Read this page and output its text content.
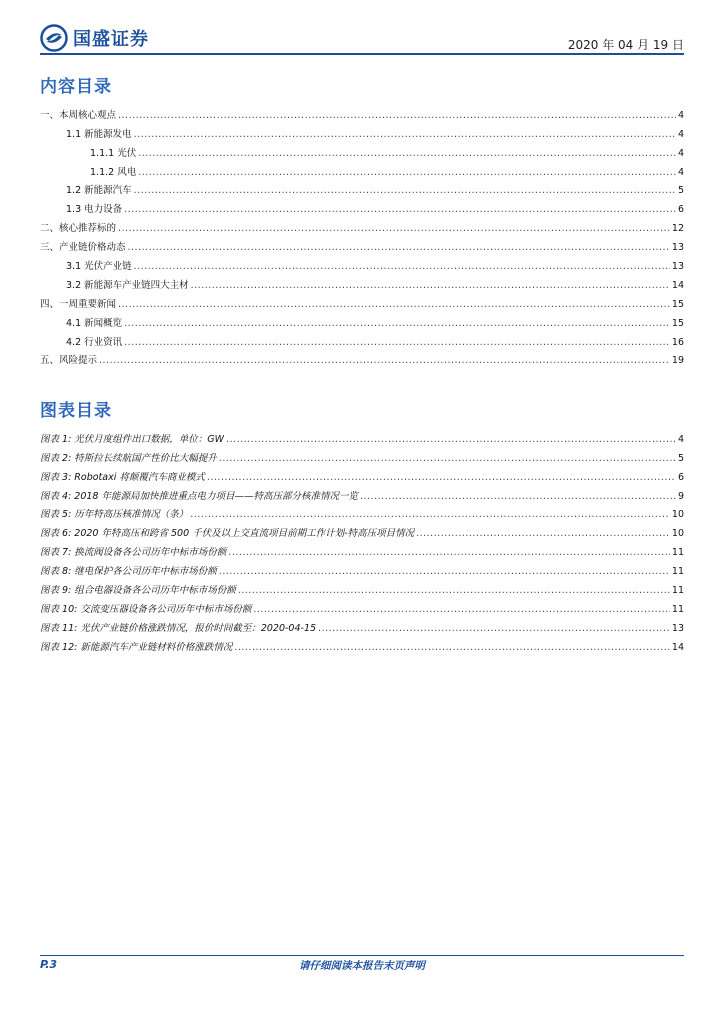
国盛证券	2020 年 04 月 19 日
内容目录
一、本周核心观点 .....	4
1.1 新能源发电 .....	4
1.1.1 光伏 .....	4
1.1.2 风电 .....	4
1.2 新能源汽车 .....	5
1.3 电力设备 .....	6
二、核心推荐标的 .....	12
三、产业链价格动态 .....	13
3.1 光伏产业链 .....	13
3.2 新能源车产业链四大主材 .....	14
四、一周重要新闻 .....	15
4.1 新闻概览 .....	15
4.2 行业资讯 .....	16
五、风险提示 .....	19
图表目录
图表 1: 光伏月度组件出口数据，单位：GW .....	4
图表 2: 特斯拉长续航国产性价比大幅提升 .....	5
图表 3: Robotaxi 将颠覆汽车商业模式 .....	6
图表 4: 2018 年能源局加快推进重点电力项目——特高压部分核准情况一览 .....	9
图表 5: 历年特高压核准情况（条） .....	10
图表 6: 2020 年特高压和跨省 500 千伏及以上交直流项目前期工作计划-特高压项目情况 .....	10
图表 7: 换流阀设备各公司历年中标市场份额 .....	11
图表 8: 继电保护各公司历年中标市场份额 .....	11
图表 9: 组合电器设备各公司历年中标市场份额 .....	11
图表 10: 交流变压器设备各公司历年中标市场份额 .....	11
图表 11: 光伏产业链价格涨跌情况，报价时间截至：2020-04-15 .....	13
图表 12: 新能源汽车产业链材料价格涨跌情况 .....	14
P.3	请仔细阅读本报告末页声明
